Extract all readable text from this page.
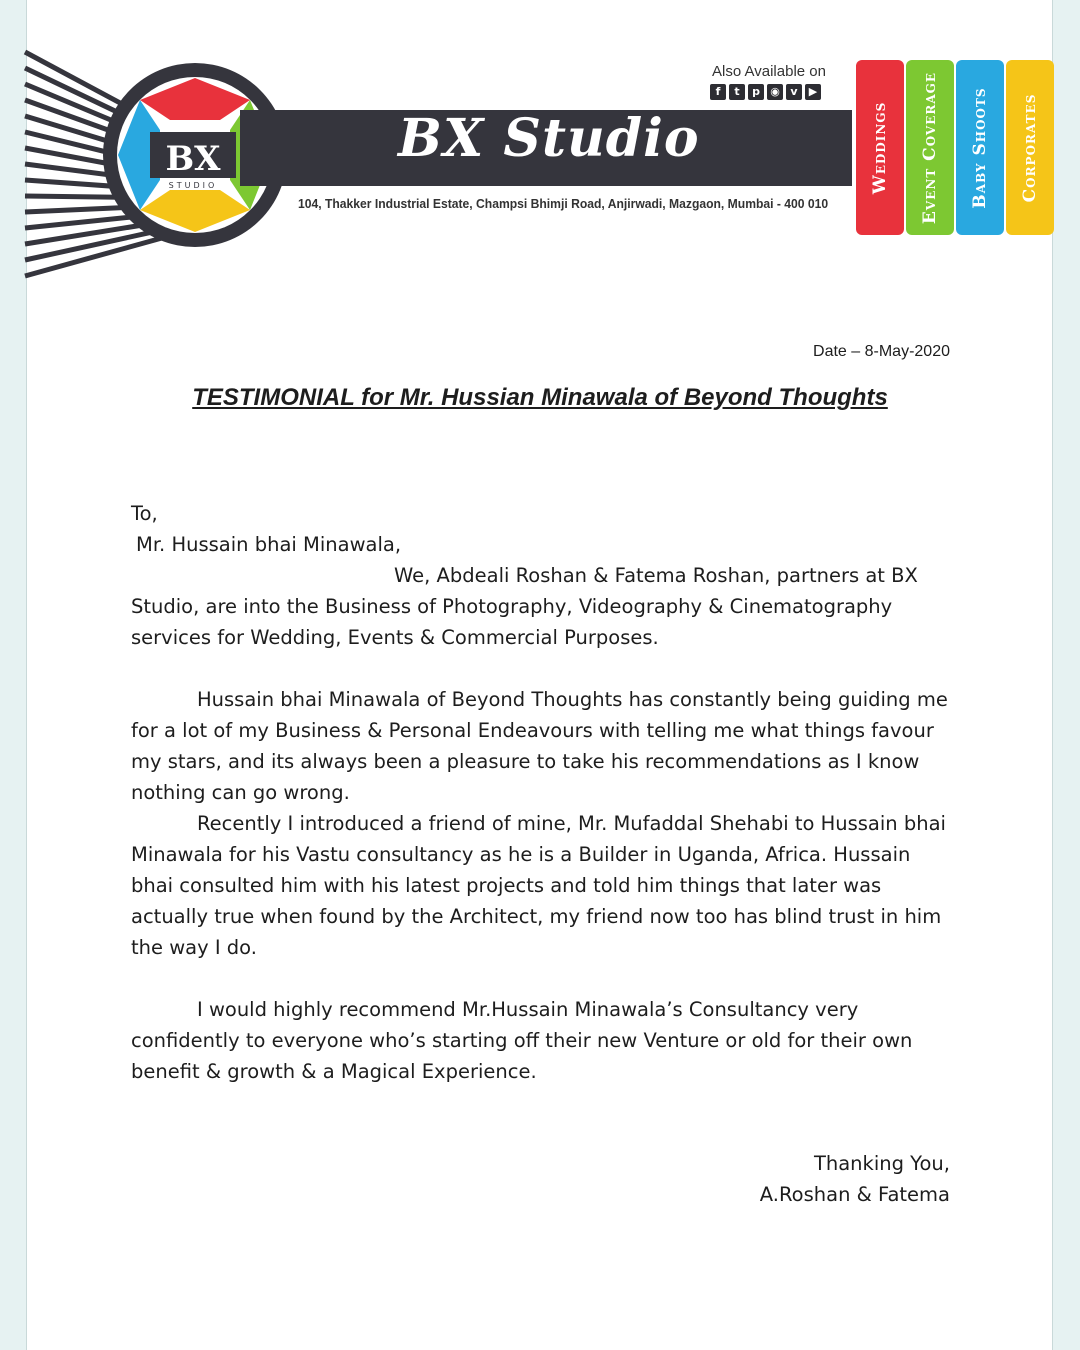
BX
STUDIO
BX Studio
104, Thakker Industrial Estate, Champsi Bhimji Road, Anjirwadi, Mazgaon, Mumbai - 400 010
Also Available on
f	t	p ◉ v	▶
Weddings Event Coverage Baby Shoots Corporates
Date – 8-May-2020
TESTIMONIAL for Mr. Hussian Minawala of Beyond Thoughts

To,

Mr. Hussain bhai Minawala,

We, Abdeali Roshan & Fatema Roshan, partners at BX

Studio, are into the Business of Photography, Videography & Cinematography services for Wedding, Events & Commercial Purposes.

Hussain bhai Minawala of Beyond Thoughts has constantly being guiding me for a lot of my Business & Personal Endeavours with telling me what things favour my stars, and its always been a pleasure to take his recommendations as I know nothing can go wrong.

Recently I introduced a friend of mine, Mr. Mufaddal Shehabi to Hussain bhai Minawala for his Vastu consultancy as he is a Builder in Uganda, Africa. Hussain bhai consulted him with his latest projects and told him things that later was actually true when found by the Architect, my friend now too has blind trust in him the way I do.

I would highly recommend Mr.Hussain Minawala’s Consultancy very confidently to everyone who’s starting off their new Venture or old for their own benefit & growth & a Magical Experience.

Thanking You,
A.Roshan & Fatema
